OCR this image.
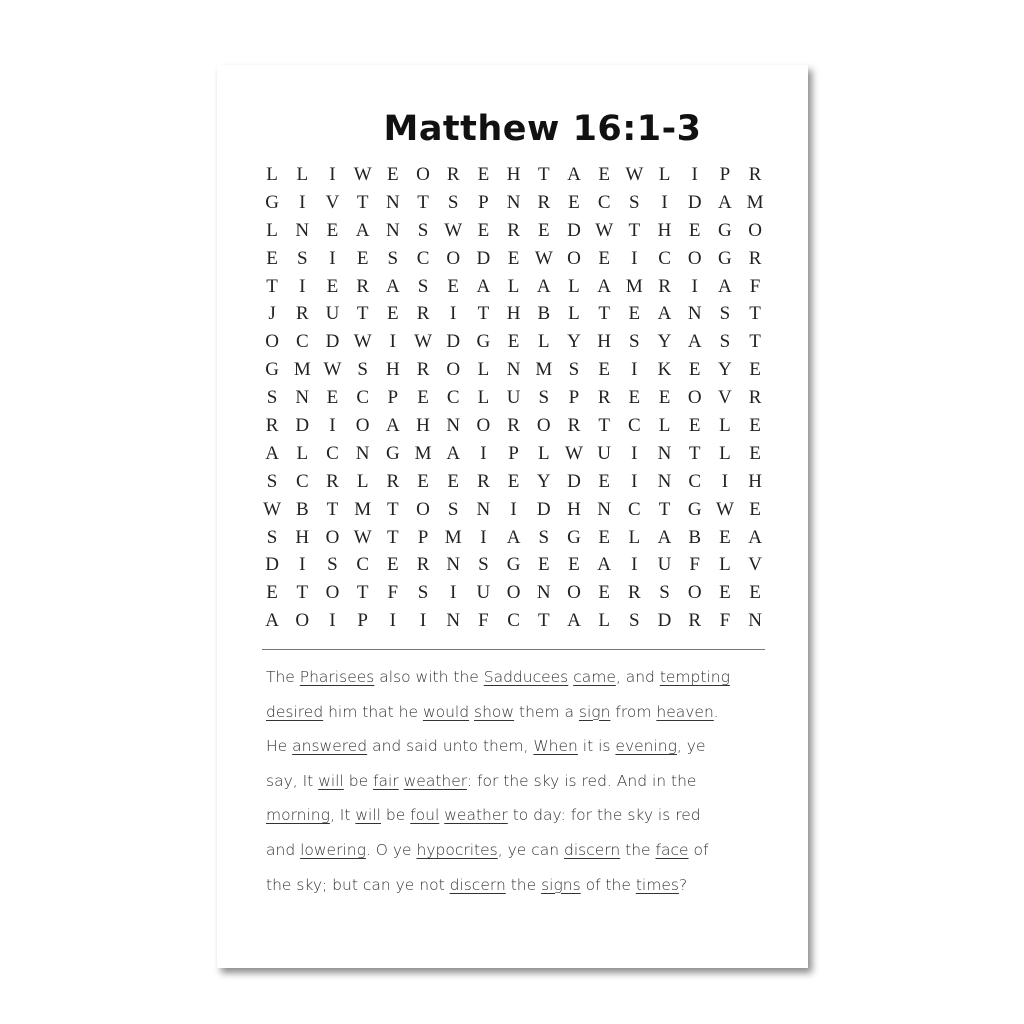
Matthew 16:1-3
L L	I W E O R E H T A E W L	I	P R
G	I	V T N T	S	P N R E C S	I	D A M
L N E A N S W E R E D W T H E G O
E	S	I	E	S C O D E W O E	I	C O G R
T	I	E R A S	E A L A L A M R	I	A F
J	R U T E R	I	T H B L T E A N S	T
O C D W I W D G E L Y H S Y A S	T
G M W S H R O L N M S	E	I	K E Y E
S N E C P	E C L U S	P R E E O V R
R D	I	O A H N O R O R T C L E L E
A L C N G M A	I	P	L W U	I	N T L E
S C R L R E E R E Y D E	I	N C	I	H
W B T M T O S N	I	D H N C T G W E
S H O W T	P M I	A S G E L A B E A
D	I	S C E R N S G E E A	I	U F	L V
E T O T	F	S	I	U O N O E R S O E E
A O	I	P	I	I	N F C T A L	S D R F N
The Pharisees also with the Sadducees came, and tempting
desired him that he would show them a sign from heaven.
He answered and said unto them, When it is evening, ye
say, It will be fair weather: for the sky is red. And in the
morning, It will be foul weather to day: for the sky is red
and lowering. O ye hypocrites, ye can discern the face of
the sky; but can ye not discern the signs of the times?
